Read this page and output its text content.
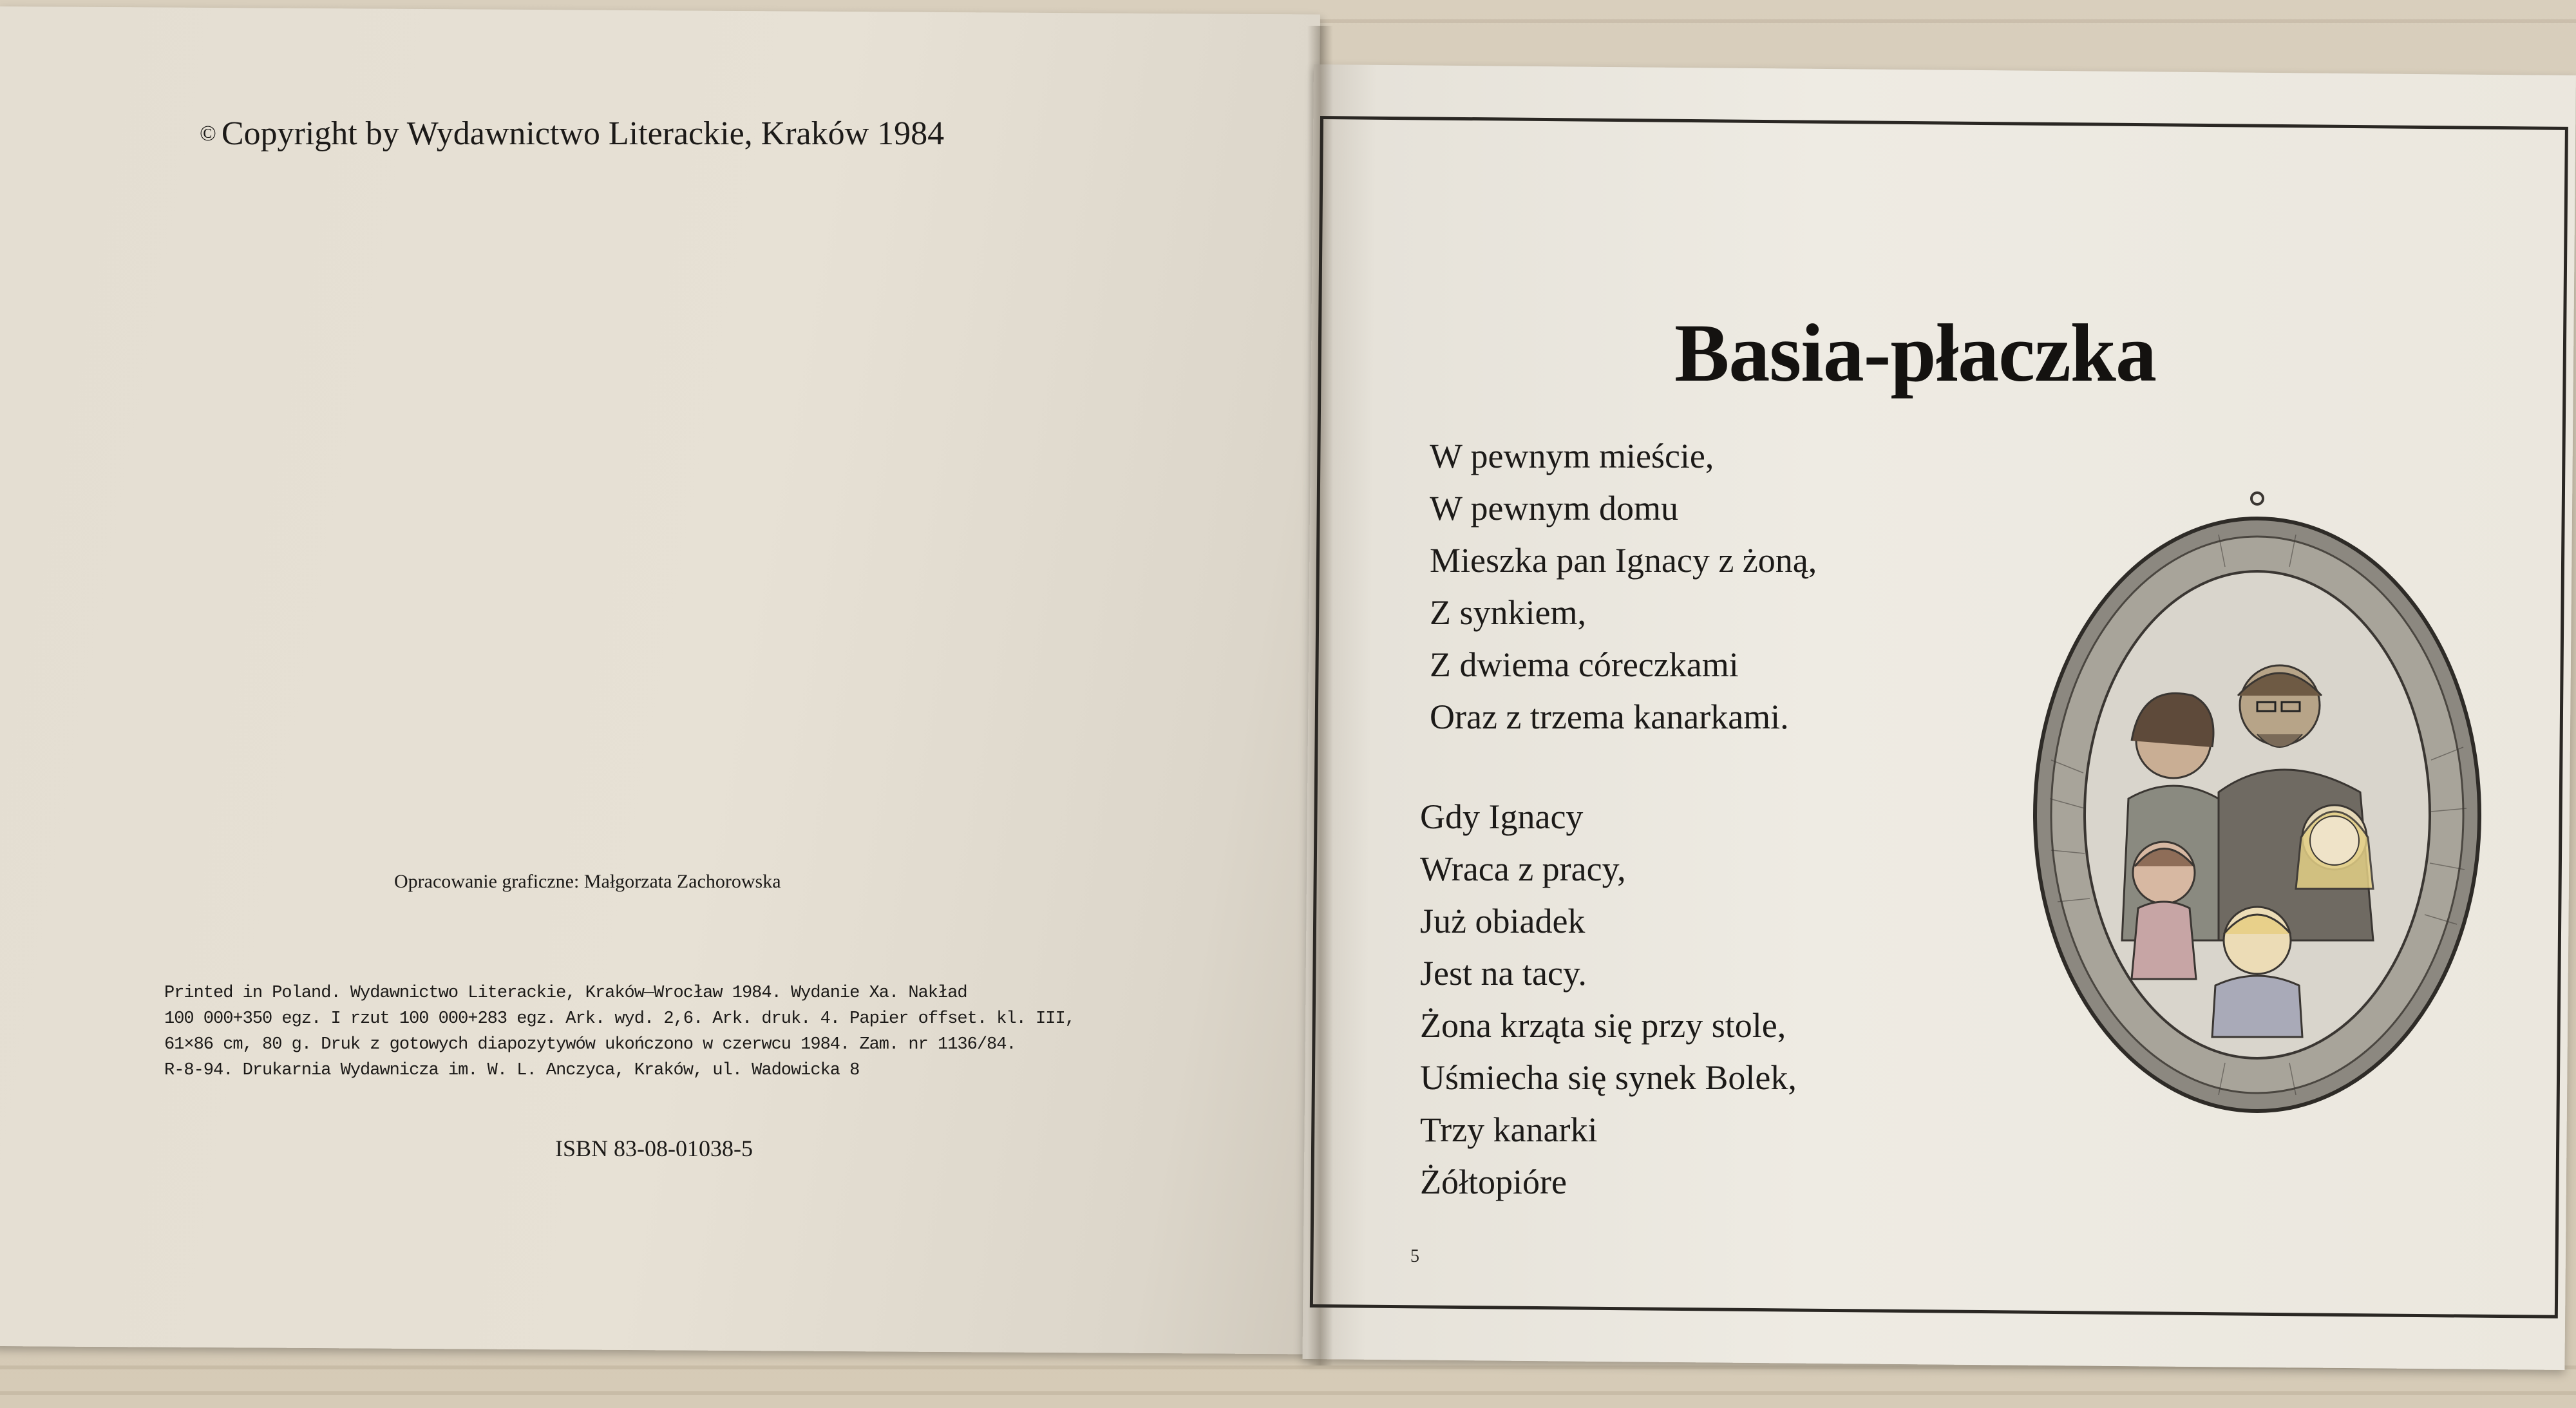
© Copyright by Wydawnictwo Literackie, Kraków 1984
Opracowanie graficzne: Małgorzata Zachorowska
Printed in Poland. Wydawnictwo Literackie, Kraków—Wrocław 1984. Wydanie Xa. Nakład
100 000+350 egz. I rzut 100 000+283 egz. Ark. wyd. 2,6. Ark. druk. 4. Papier offset. kl. III,
61×86 cm, 80 g. Druk z gotowych diapozytywów ukończono w czerwcu 1984. Zam. nr 1136/84.
R-8-94. Drukarnia Wydawnicza im. W. L. Anczyca, Kraków, ul. Wadowicka 8
ISBN 83-08-01038-5
Basia-płaczka
W pewnym mieście,
W pewnym domu
Mieszka pan Ignacy z żoną,
Z synkiem,
Z dwiema córeczkami
Oraz z trzema kanarkami.
Gdy Ignacy
Wraca z pracy,
Już obiadek
Jest na tacy.
Żona krząta się przy stole,
Uśmiecha się synek Bolek,
Trzy kanarki
Żółtopióre
5
